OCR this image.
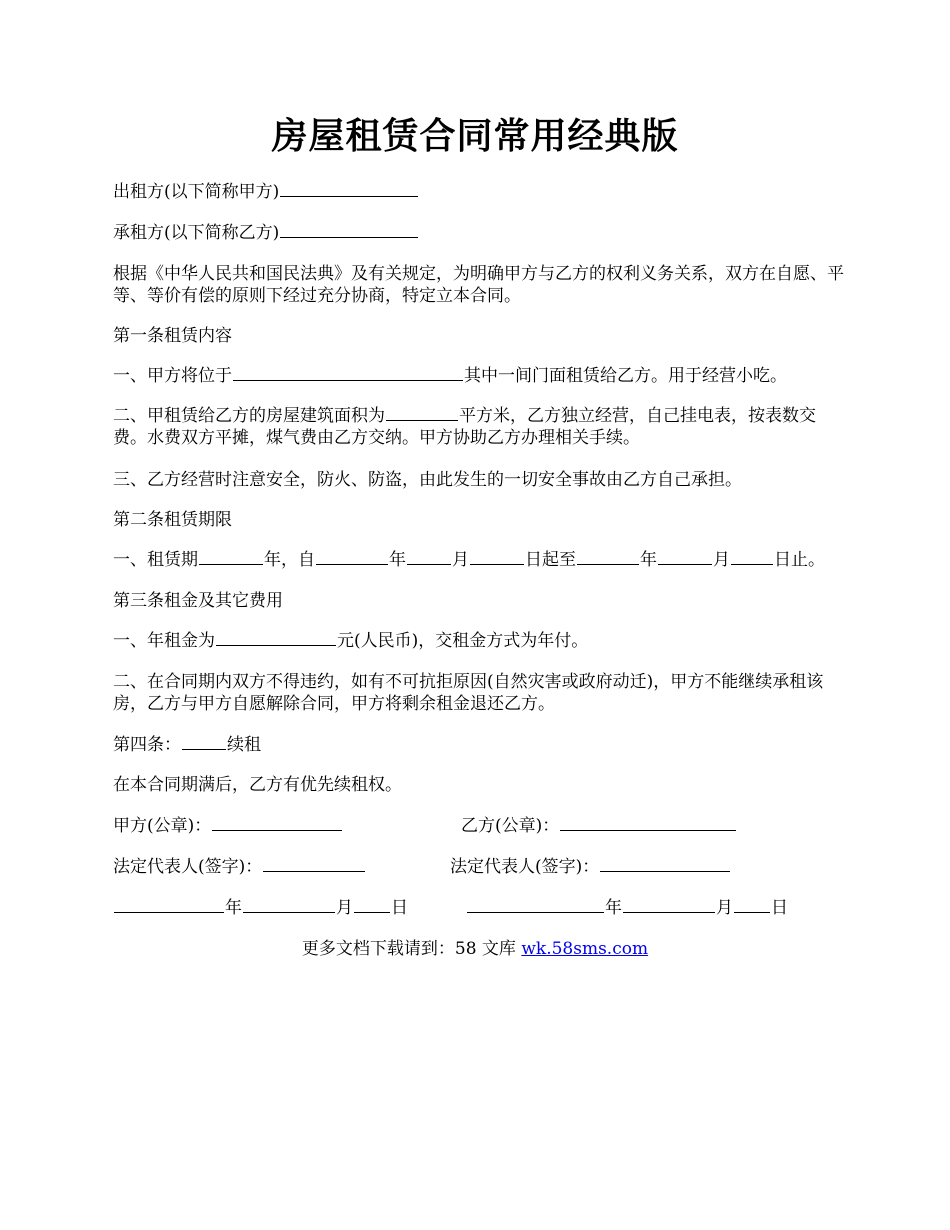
房屋租赁合同常用经典版
出租方(以下简称甲方)
承租方(以下简称乙方)
根据《中华人民共和国民法典》及有关规定，为明确甲方与乙方的权利义务关系，双方在自愿、平等、等价有偿的原则下经过充分协商，特定立本合同。
第一条租赁内容
一、甲方将位于	其中一间门面租赁给乙方。用于经营小吃。
二、甲租赁给乙方的房屋建筑面积为	平方米，乙方独立经营，自己挂电表，按表数交费。水费双方平摊，煤气费由乙方交纳。甲方协助乙方办理相关手续。
三、乙方经营时注意安全，防火、防盗，由此发生的一切安全事故由乙方自己承担。
第二条租赁期限
一、租赁期	年，自	年	月	日起至	年	月	日止。
第三条租金及其它费用
一、年租金为	元(人民币)，交租金方式为年付。
二、在合同期内双方不得违约，如有不可抗拒原因(自然灾害或政府动迁)，甲方不能继续承租该房，乙方与甲方自愿解除合同，甲方将剩余租金退还乙方。
第四条：	续租
在本合同期满后，乙方有优先续租权。
甲方(公章)：	乙方(公章)：
法定代表人(签字)：	法定代表人(签字)：
年	月 日	年	月 日
更多文档下载请到：58 文库 wk.58sms.com
